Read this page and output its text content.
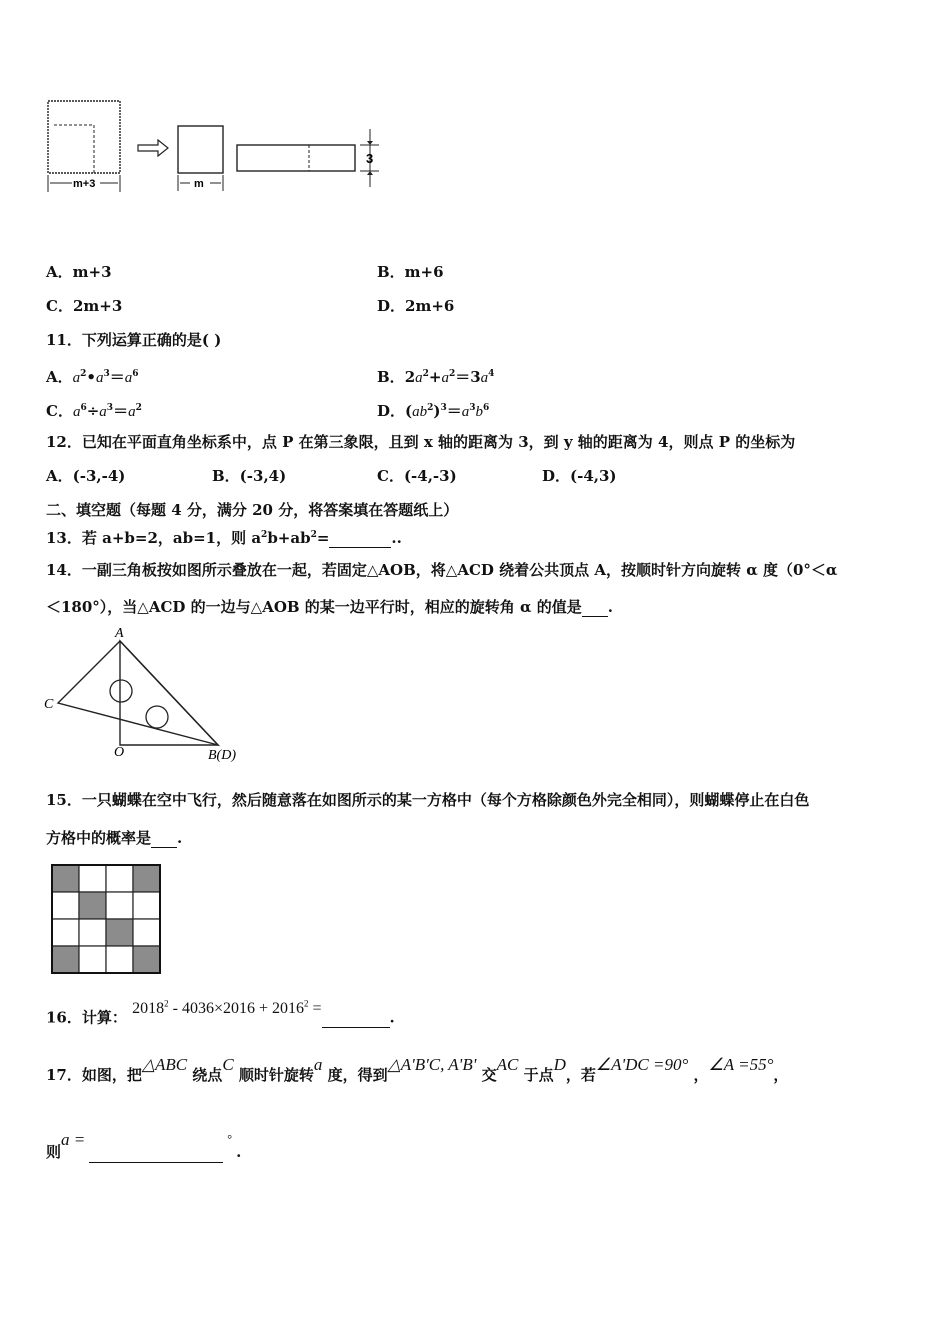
m+3	m
3
A．m+3	B．m+6
C．2m+3	D．2m+6
11．下列运算正确的是( )
A．$a^2•a^3=a^6$	B．$2a^2+a^2=3a^4$
C．$a^6\div a^3=a^2$	D．$(ab^2)^3=a^3b^6$
12．已知在平面直角坐标系中，点 P 在第三象限，且到 x 轴的距离为 3，到 y 轴的距离为 4，则点 P 的坐标为
A．(-3,-4)	B．(-3,4)	C．(-4,-3)	D．(-4,3)
二、填空题（每题 4 分，满分 20 分，将答案填在答题纸上）
13．若 a+b=2，ab=1，则 $a^2b+ab^2=$	..
14．一副三角板按如图所示叠放在一起，若固定△AOB，将△ACD 绕着公共顶点 A，按顺时针方向旋转 α 度（0°＜α
＜180°），当△ACD 的一边与△AOB 的某一边平行时，相应的旋转角 α 的值是 .
A
C
O	B(D)
15．一只蝴蝶在空中飞行，然后随意落在如图所示的某一方格中（每个方格除颜色外完全相同），则蝴蝶停止在白色
方格中的概率是 .
16．计算： $2018^2 - 4036\times 2016 + 2016^2$ =	.
17．如图，把△ABC 绕点C 顺时针旋转a 度，得到△A'B'C, A'B' 交AC 于点D，若∠A'DC =90° ，∠A =55°，
则a =	°.
